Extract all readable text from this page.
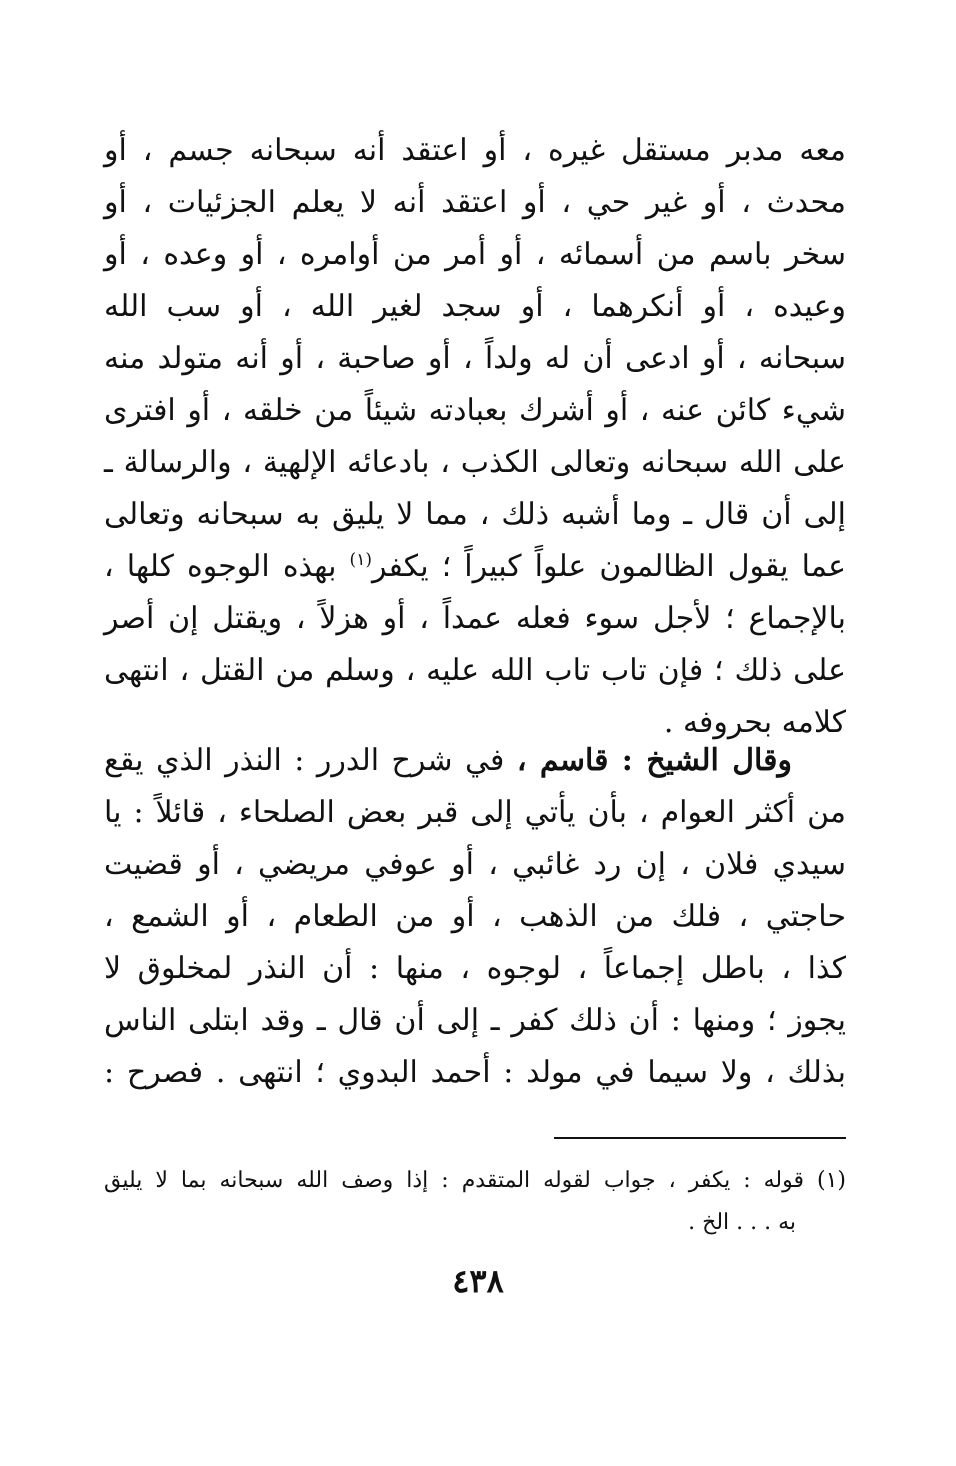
معه مدبر مستقل غيره ، أو اعتقد أنه سبحانه جسم ، أو
محدث ، أو غير حي ، أو اعتقد أنه لا يعلم الجزئيات ، أو
سخر باسم من أسمائه ، أو أمر من أوامره ، أو وعده ، أو
وعيده ، أو أنكرهما ، أو سجد لغير الله ، أو سب الله
سبحانه ، أو ادعى أن له ولداً ، أو صاحبة ، أو أنه متولد منه
شيء كائن عنه ، أو أشرك بعبادته شيئاً من خلقه ، أو افترى
على الله سبحانه وتعالى الكذب ، بادعائه الإلهية ، والرسالة ـ
إلى أن قال ـ وما أشبه ذلك ، مما لا يليق به سبحانه وتعالى
عما يقول الظالمون علواً كبيراً ؛ يكفر$^{(١)}$ بهذه الوجوه كلها ،
بالإجماع ؛ لأجل سوء فعله عمداً ، أو هزلاً ، ويقتل إن أصر
على ذلك ؛ فإن تاب تاب الله عليه ، وسلم من القتل ، انتهى
كلامه بحروفه .
وقال الشيخ : قاسم ، في شرح الدرر : النذر الذي يقع
من أكثر العوام ، بأن يأتي إلى قبر بعض الصلحاء ، قائلاً : يا
سيدي فلان ، إن رد غائبي ، أو عوفي مريضي ، أو قضيت
حاجتي ، فلك من الذهب ، أو من الطعام ، أو الشمع ،
كذا ، باطل إجماعاً ، لوجوه ، منها : أن النذر لمخلوق لا
يجوز ؛ ومنها : أن ذلك كفر ـ إلى أن قال ـ وقد ابتلى الناس
بذلك ، ولا سيما في مولد : أحمد البدوي ؛ انتهى . فصرح :
(١) قوله : يكفر ، جواب لقوله المتقدم : إذا وصف الله سبحانه بما لا يليق
به . . . الخ .
٤٣٨
